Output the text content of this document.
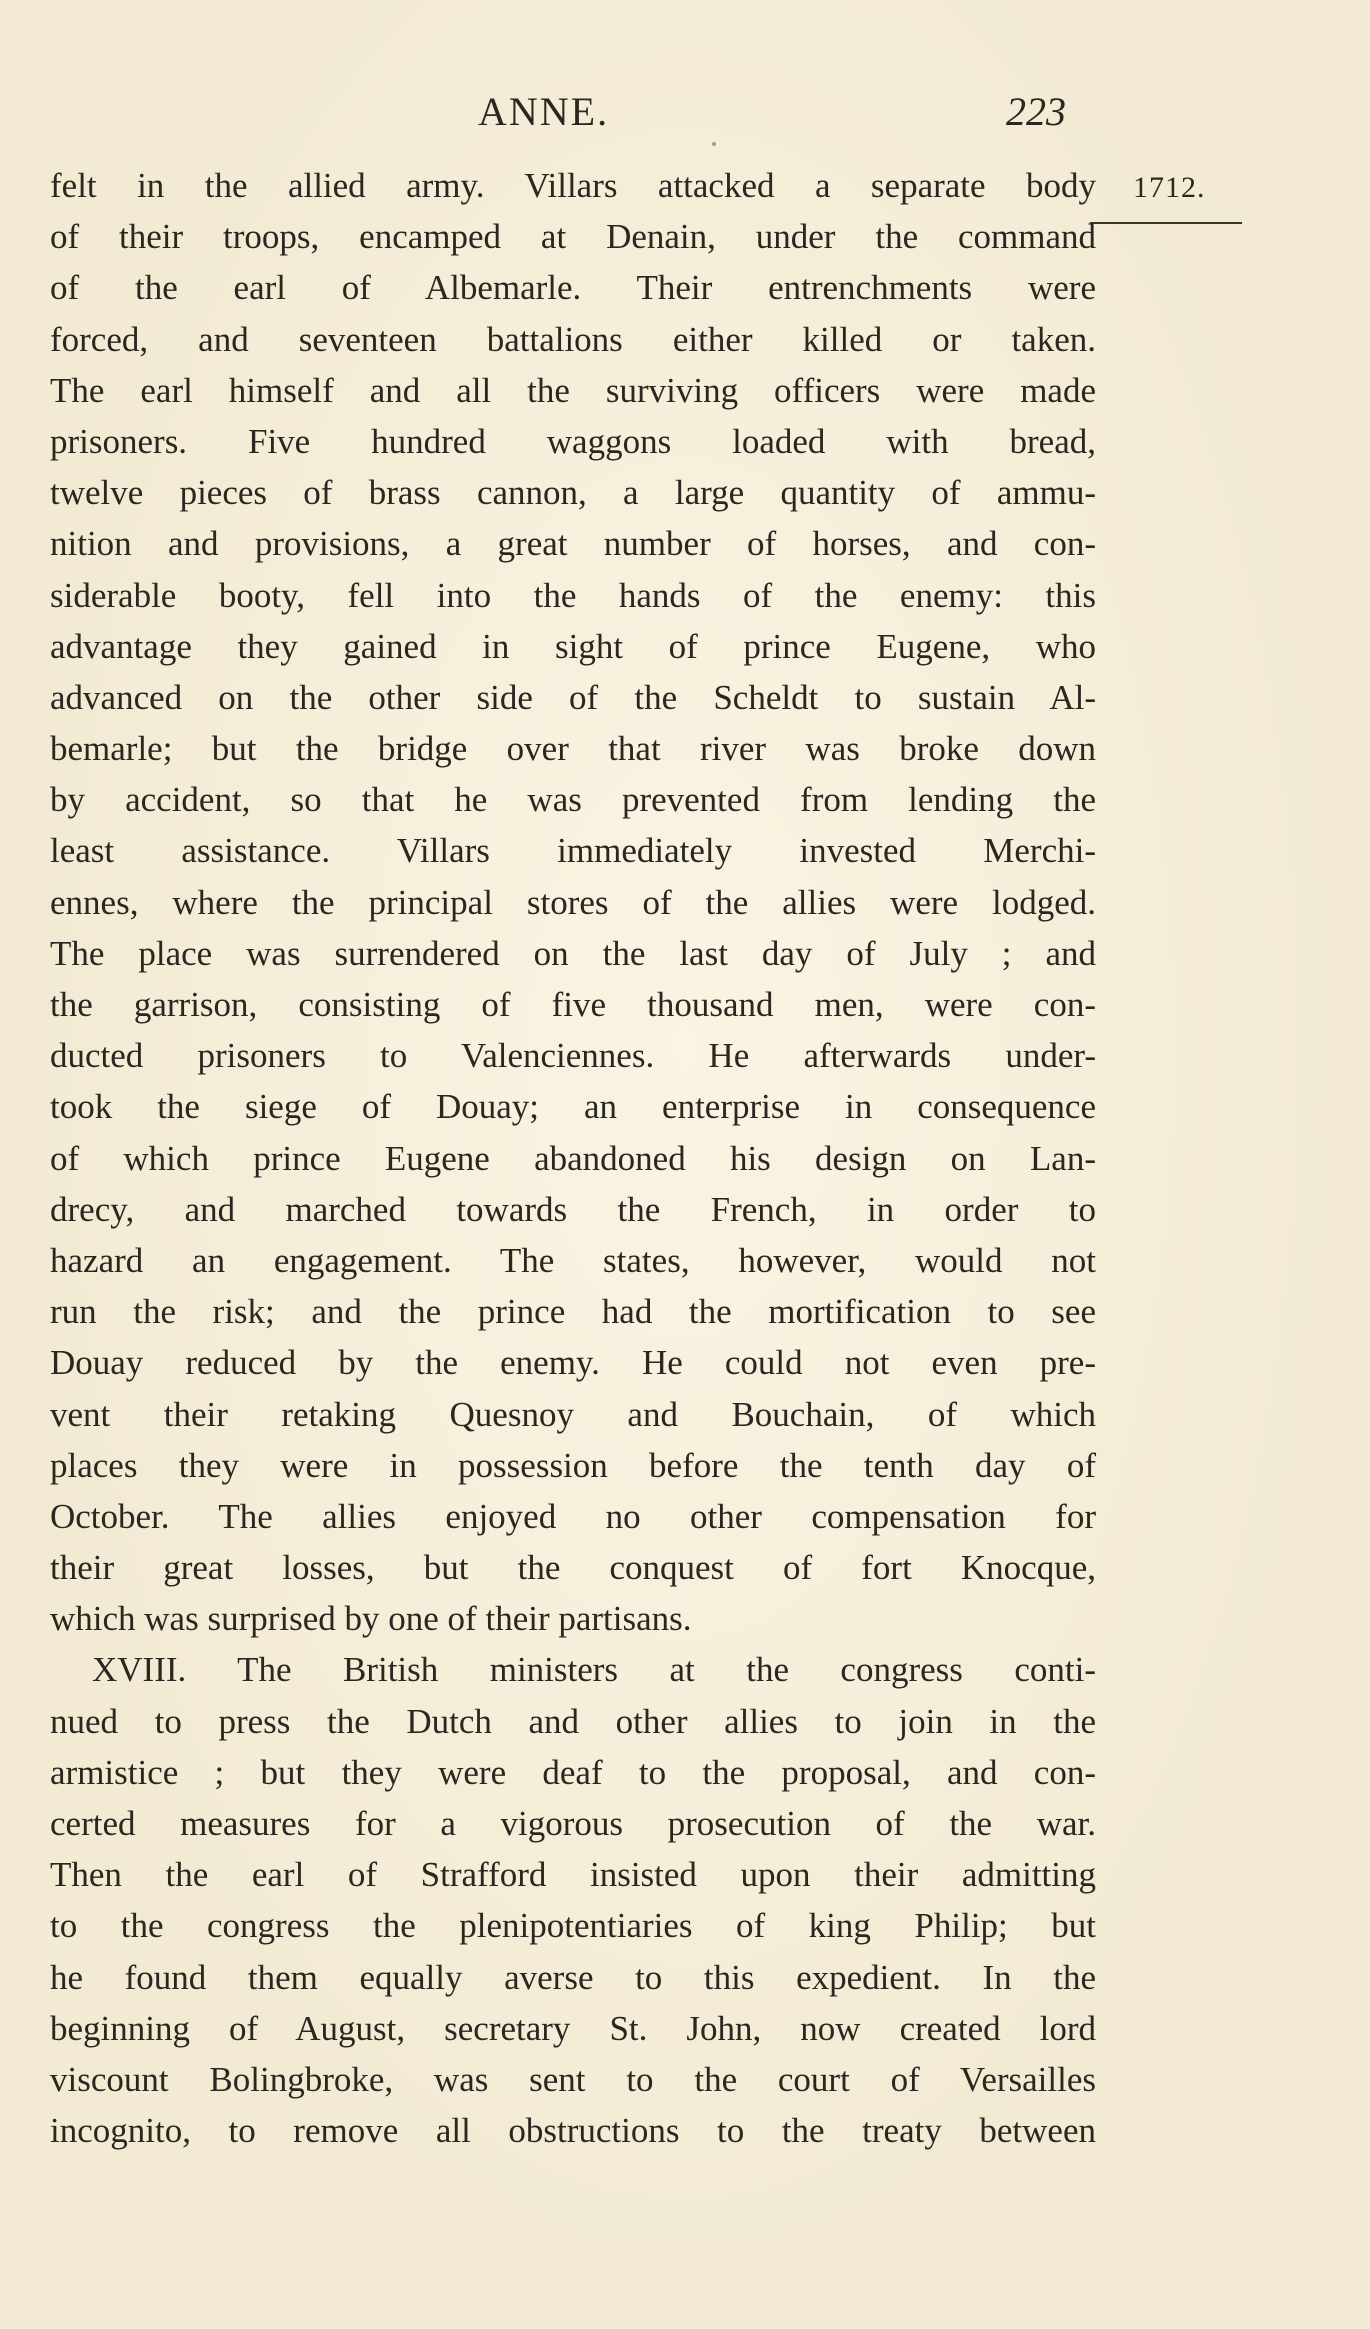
ANNE.	223
1712.
felt in the allied army. Villars attacked a separate body
of their troops, encamped at Denain, under the command
of the earl of Albemarle. Their entrenchments were
forced, and seventeen battalions either killed or taken.
The earl himself and all the surviving officers were made
prisoners. Five hundred waggons loaded with bread,
twelve pieces of brass cannon, a large quantity of ammu-
nition and provisions, a great number of horses, and con-
siderable booty, fell into the hands of the enemy: this
advantage they gained in sight of prince Eugene, who
advanced on the other side of the Scheldt to sustain Al-
bemarle; but the bridge over that river was broke down
by accident, so that he was prevented from lending the
least assistance. Villars immediately invested Merchi-
ennes, where the principal stores of the allies were lodged.
The place was surrendered on the last day of July ; and
the garrison, consisting of five thousand men, were con-
ducted prisoners to Valenciennes. He afterwards under-
took the siege of Douay; an enterprise in consequence
of which prince Eugene abandoned his design on Lan-
drecy, and marched towards the French, in order to
hazard an engagement. The states, however, would not
run the risk; and the prince had the mortification to see
Douay reduced by the enemy. He could not even pre-
vent their retaking Quesnoy and Bouchain, of which
places they were in possession before the tenth day of
October. The allies enjoyed no other compensation for
their great losses, but the conquest of fort Knocque,
which was surprised by one of their partisans.
XVIII. The British ministers at the congress conti-
nued to press the Dutch and other allies to join in the
armistice ; but they were deaf to the proposal, and con-
certed measures for a vigorous prosecution of the war.
Then the earl of Strafford insisted upon their admitting
to the congress the plenipotentiaries of king Philip; but
he found them equally averse to this expedient. In the
beginning of August, secretary St. John, now created lord
viscount Bolingbroke, was sent to the court of Versailles
incognito, to remove all obstructions to the treaty between
